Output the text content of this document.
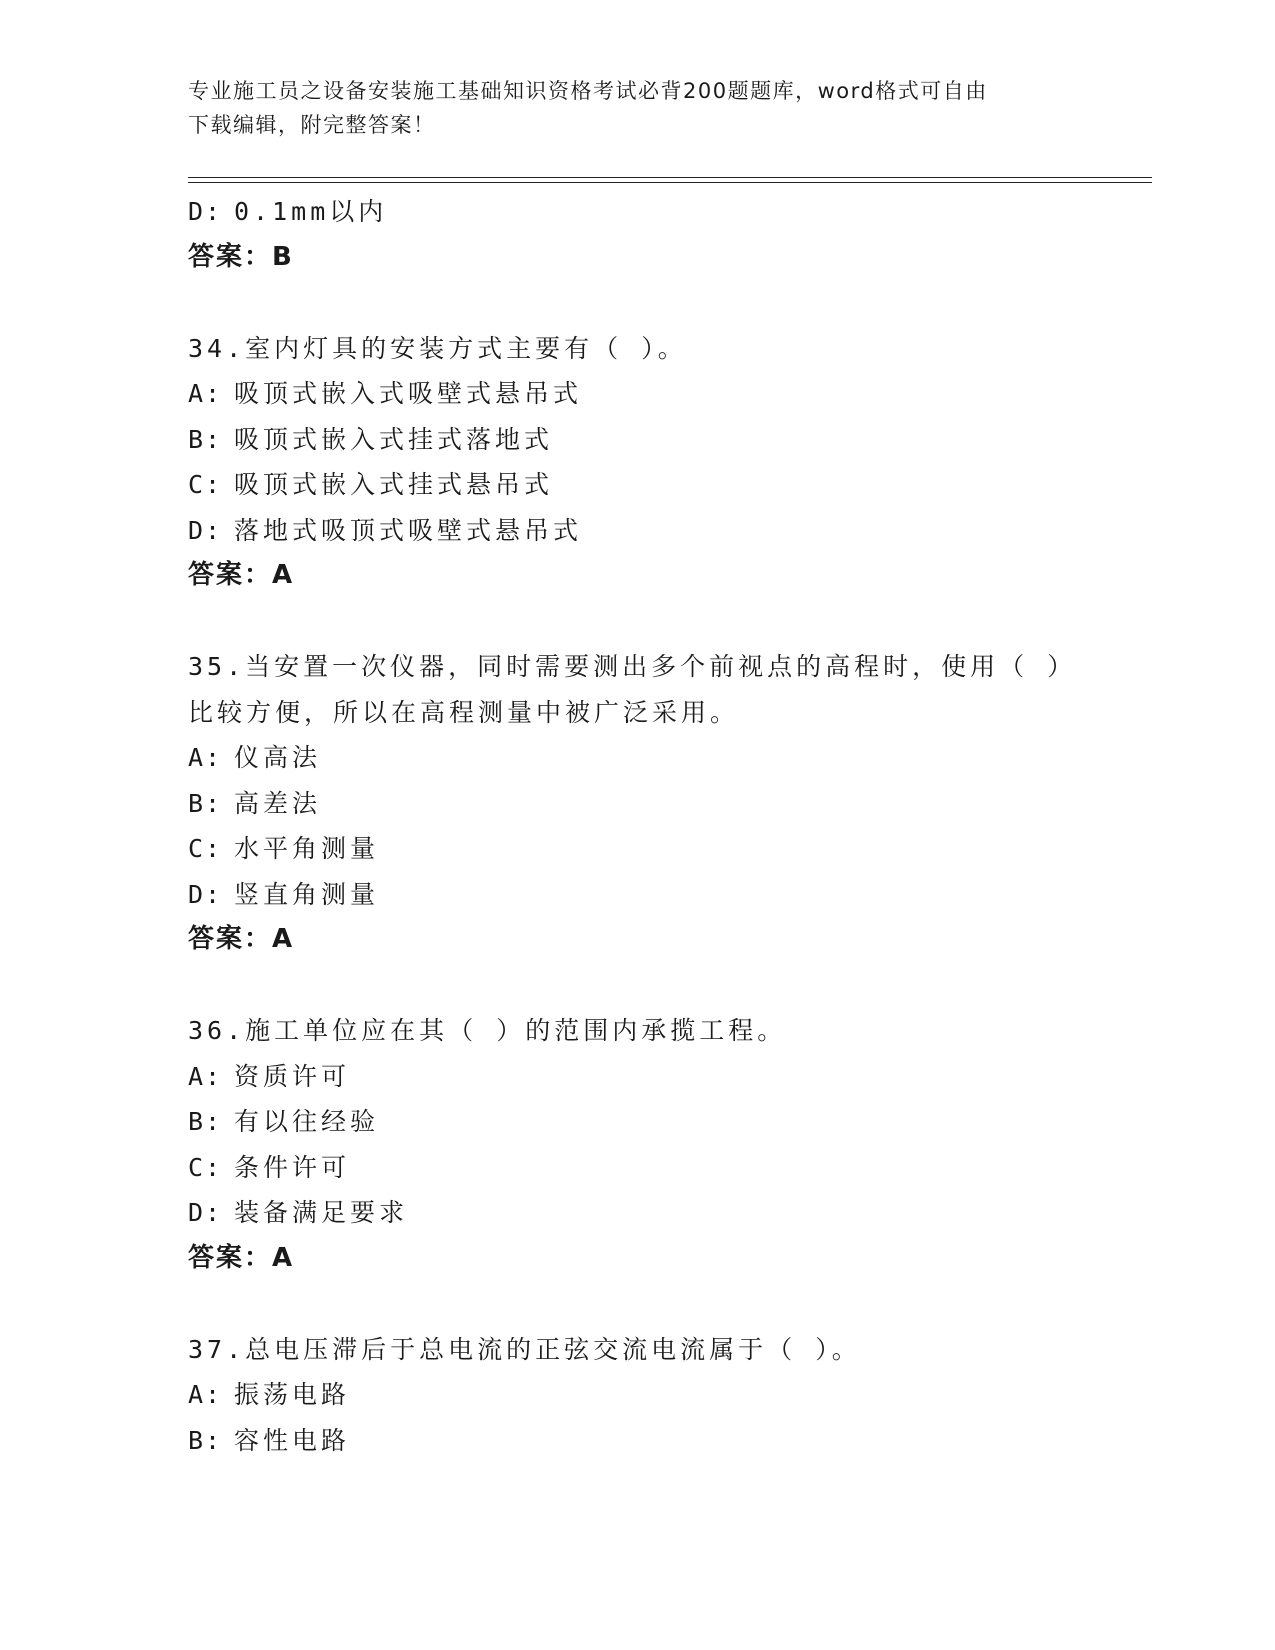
专业施工员之设备安装施工基础知识资格考试必背200题题库，word格式可自由
下载编辑，附完整答案！
D: 0.1mm以内
答案：B
34.室内灯具的安装方式主要有（ ）。
A: 吸顶式嵌入式吸壁式悬吊式
B: 吸顶式嵌入式挂式落地式
C: 吸顶式嵌入式挂式悬吊式
D: 落地式吸顶式吸壁式悬吊式
答案：A
35.当安置一次仪器，同时需要测出多个前视点的高程时，使用（ ）
比较方便，所以在高程测量中被广泛采用。
A: 仪高法
B: 高差法
C: 水平角测量
D: 竖直角测量
答案：A
36.施工单位应在其（ ）的范围内承揽工程。
A: 资质许可
B: 有以往经验
C: 条件许可
D: 装备满足要求
答案：A
37.总电压滞后于总电流的正弦交流电流属于（ ）。
A: 振荡电路
B: 容性电路
